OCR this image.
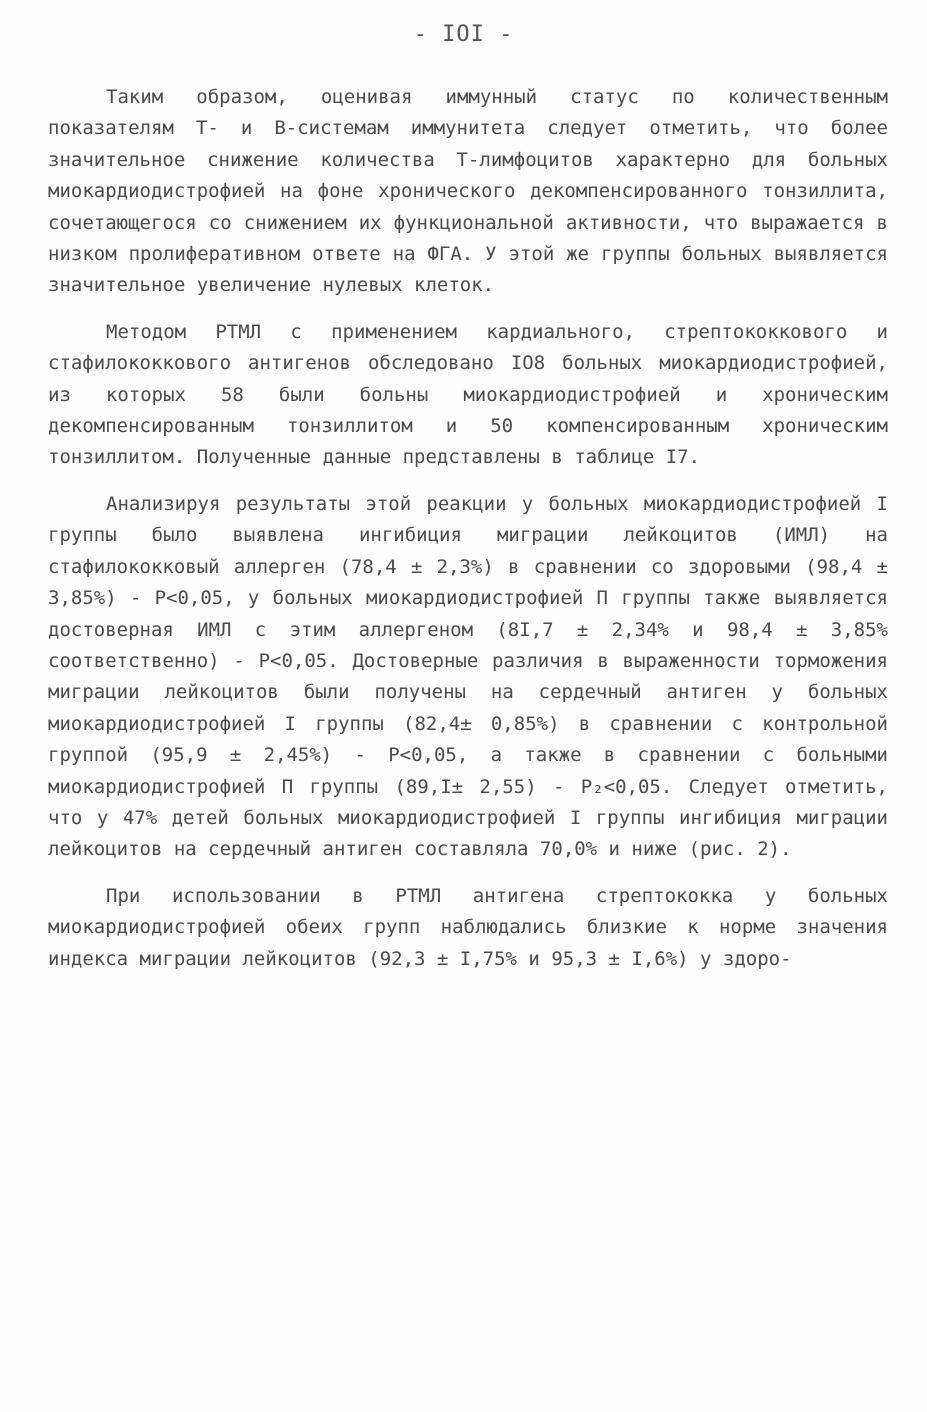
- IOI -

Таким образом, оценивая иммунный статус по количественным показателям Т- и В-системам иммунитета следует отметить, что более значительное снижение количества Т-лимфоцитов характерно для больных миокардиодистрофией на фоне хронического декомпенсированного тонзиллита, сочетающегося со снижением их функциональной активности, что выражается в низком пролиферативном ответе на ФГА. У этой же группы больных выявляется значительное увеличение нулевых клеток.

Методом РТМЛ с применением кардиального, стрептококкового и стафилококкового антигенов обследовано IO8 больных миокардиодистрофией, из которых 58 были больны миокардиодистрофией и хроническим декомпенсированным тонзиллитом и 50 компенсированным хроническим тонзиллитом. Полученные данные представлены в таблице I7.

Анализируя результаты этой реакции у больных миокардиодистрофией I группы было выявлена ингибиция миграции лейкоцитов (ИМЛ) на стафилококковый аллерген (78,4 ± 2,3%) в сравнении со здоровыми (98,4 ± 3,85%) - Р<0,05, у больных миокардиодистрофией П группы также выявляется достоверная ИМЛ с этим аллергеном (8I,7 ± 2,34% и 98,4 ± 3,85% соответственно) - Р<0,05. Достоверные различия в выраженности торможения миграции лейкоцитов были получены на сердечный антиген у больных миокардиодистрофией I группы (82,4± 0,85%) в сравнении с контрольной группой (95,9 ± 2,45%) - Р<0,05, а также в сравнении с больными миокардиодистрофией П группы (89,I± 2,55) - Р₂<0,05. Следует отметить, что у 47% детей больных миокардиодистрофией I группы ингибиция миграции лейкоцитов на сердечный антиген составляла 70,0% и ниже (рис. 2).

При использовании в РТМЛ антигена стрептококка у больных миокардиодистрофией обеих групп наблюдались близкие к норме значения индекса миграции лейкоцитов (92,3 ± I,75% и 95,3 ± I,6%) у здоро-
